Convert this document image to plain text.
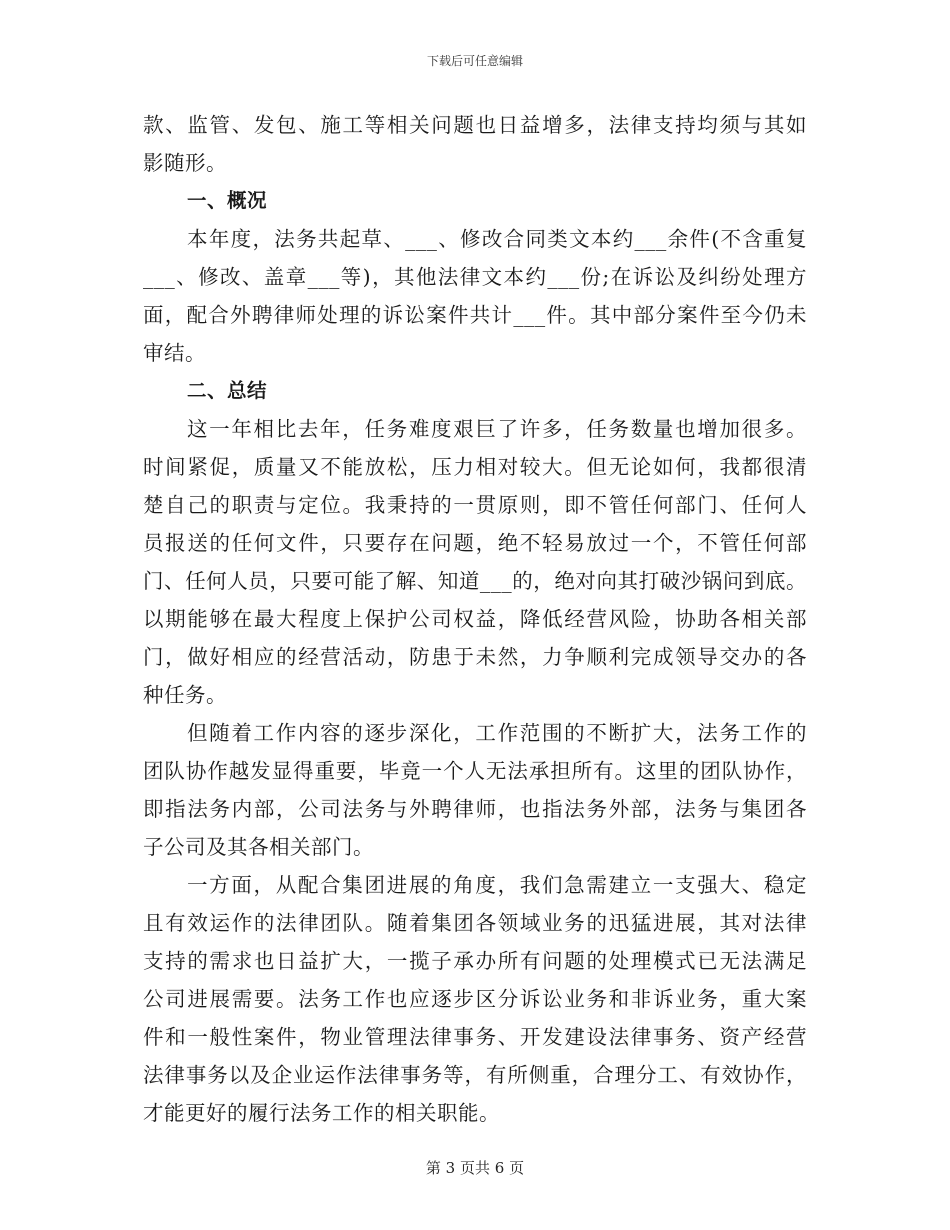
下载后可任意编辑
款、监管、发包、施工等相关问题也日益增多，法律支持均须与其如
影随形。
一、概况
本年度，法务共起草、___、修改合同类文本约___余件(不含重复
___、修改、盖章___等)，其他法律文本约___份;在诉讼及纠纷处理方
面，配合外聘律师处理的诉讼案件共计___件。其中部分案件至今仍未
审结。
二、总结
这一年相比去年，任务难度艰巨了许多，任务数量也增加很多。
时间紧促，质量又不能放松，压力相对较大。但无论如何，我都很清
楚自己的职责与定位。我秉持的一贯原则，即不管任何部门、任何人
员报送的任何文件，只要存在问题，绝不轻易放过一个，不管任何部
门、任何人员，只要可能了解、知道___的，绝对向其打破沙锅问到底。
以期能够在最大程度上保护公司权益，降低经营风险，协助各相关部
门，做好相应的经营活动，防患于未然，力争顺利完成领导交办的各
种任务。
但随着工作内容的逐步深化，工作范围的不断扩大，法务工作的
团队协作越发显得重要，毕竟一个人无法承担所有。这里的团队协作，
即指法务内部，公司法务与外聘律师，也指法务外部，法务与集团各
子公司及其各相关部门。
一方面，从配合集团进展的角度，我们急需建立一支强大、稳定
且有效运作的法律团队。随着集团各领域业务的迅猛进展，其对法律
支持的需求也日益扩大，一揽子承办所有问题的处理模式已无法满足
公司进展需要。法务工作也应逐步区分诉讼业务和非诉业务，重大案
件和一般性案件，物业管理法律事务、开发建设法律事务、资产经营
法律事务以及企业运作法律事务等，有所侧重，合理分工、有效协作，
才能更好的履行法务工作的相关职能。
第 3 页共 6 页
